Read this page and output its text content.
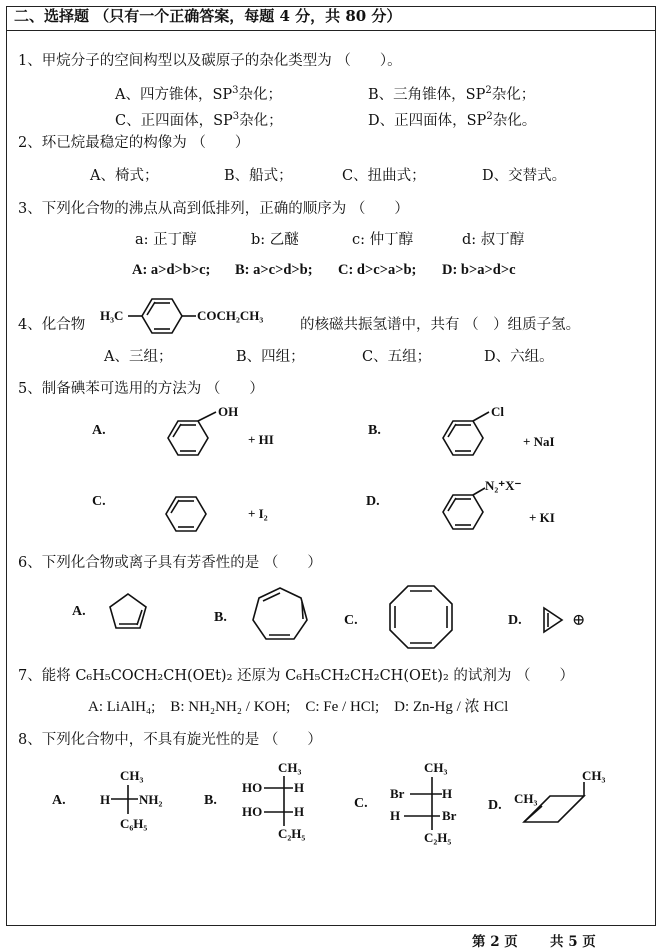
二、选择题 （只有一个正确答案，每题 4 分，共 80 分）
1、甲烷分子的空间构型以及碳原子的杂化类型为 （　　）。
A、四方锥体，$SP^3$杂化；	B、三角锥体，$SP^2$杂化；
C、正四面体，$SP^3$杂化；	D、正四面体，$SP^2$杂化。
2、环已烷最稳定的构像为 （　　）
A、椅式；	B、船式；	C、扭曲式；	D、交替式。
3、下列化合物的沸点从高到低排列，正确的顺序为 （　　）
a: 正丁醇	b: 乙醚	c: 仲丁醇	d: 叔丁醇
A: a>d>b>c; B: a>c>d>b; C: d>c>a>b; D: b>a>d>c
4、化合物
H₃C	COCH₂CH₃
的核磁共振氢谱中，共有 （　）组质子氢。
A、三组；	B、四组；	C、五组；	D、六组。
5、制备碘苯可选用的方法为 （　　）
A.
OH
+ HI
B.
Cl
+ NaI
C.
+ I₂
D.
N₂⁺X⁻
+ KI
6、下列化合物或离子具有芳香性的是 （　　）
A.	B.	C.	D.	⊕
7、能将 C₆H₅COCH₂CH(OEt)₂ 还原为 C₆H₅CH₂CH₂CH(OEt)₂ 的试剂为 （　　）
A: LiAlH₄;　B: NH₂NH₂ / KOH;　C: Fe / HCl;　D: Zn-Hg / 浓 HCl
8、下列化合物中，不具有旋光性的是 （　　）
A.
CH₃
H NH₂
C₆H₅
B.
CH₃
HO H
HO H
C₂H₅
C.
CH₃
Br
H
H
Br
C₂H₅
D. CH₃
CH₃
第 2 页 共 5 页
